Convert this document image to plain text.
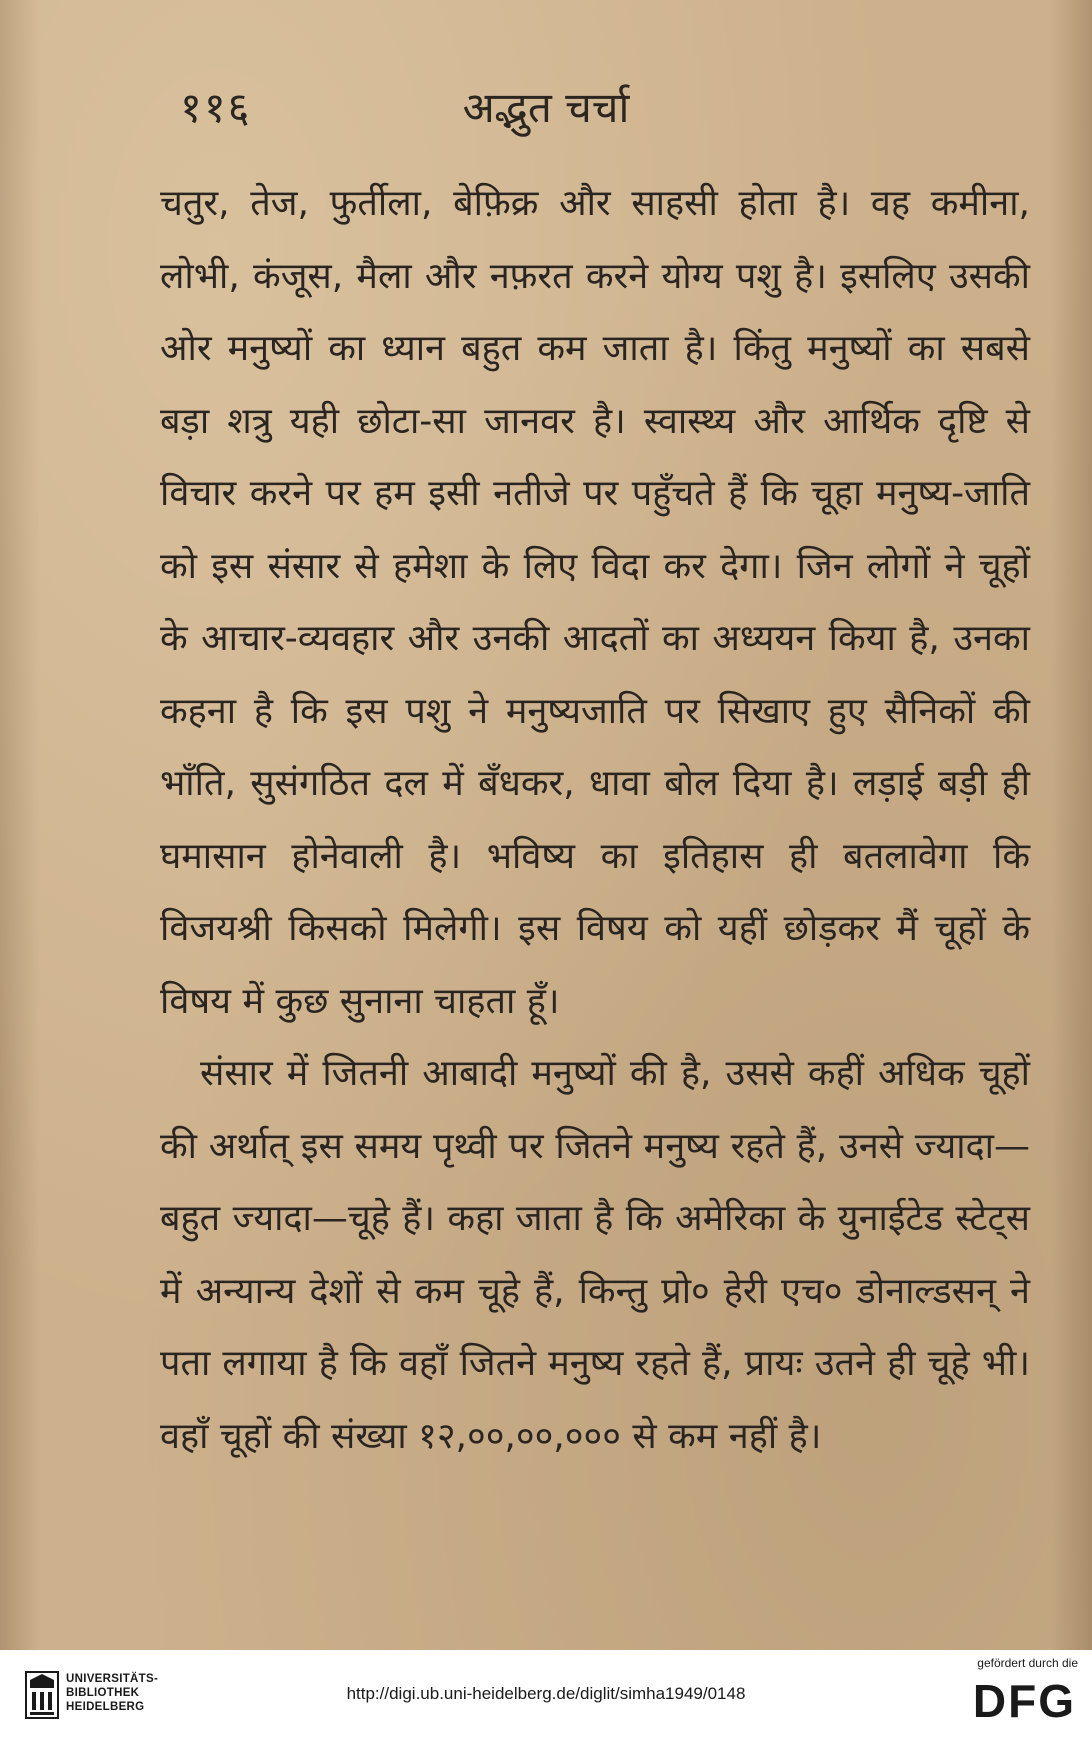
११६	अद्भुत चर्चा

चतुर, तेज, फुर्तीला, बेफ़िक्र और साहसी होता है। वह कमीना, लोभी, कंजूस, मैला और नफ़रत करने योग्य पशु है। इसलिए उसकी ओर मनुष्यों का ध्यान बहुत कम जाता है। किंतु मनुष्यों का सबसे बड़ा शत्रु यही छोटा-सा जानवर है। स्वास्थ्य और आर्थिक दृष्टि से विचार करने पर हम इसी नतीजे पर पहुँचते हैं कि चूहा मनुष्य-जाति को इस संसार से हमेशा के लिए विदा कर देगा। जिन लोगों ने चूहों के आचार-व्यवहार और उनकी आदतों का अध्ययन किया है, उनका कहना है कि इस पशु ने मनुष्यजाति पर सिखाए हुए सैनिकों की भाँति, सुसंगठित दल में बँधकर, धावा बोल दिया है। लड़ाई बड़ी ही घमासान होनेवाली है। भविष्य का इतिहास ही बतलावेगा कि विजयश्री किसको मिलेगी। इस विषय को यहीं छोड़कर मैं चूहों के विषय में कुछ सुनाना चाहता हूँ।

संसार में जितनी आबादी मनुष्यों की है, उससे कहीं अधिक चूहों की अर्थात् इस समय पृथ्वी पर जितने मनुष्य रहते हैं, उनसे ज्यादा—बहुत ज्यादा—चूहे हैं। कहा जाता है कि अमेरिका के युनाईटेड स्टेट्स में अन्यान्य देशों से कम चूहे हैं, किन्तु प्रो० हेरी एच० डोनाल्डसन् ने पता लगाया है कि वहाँ जितने मनुष्य रहते हैं, प्रायः उतने ही चूहे भी। वहाँ चूहों की संख्या १२,००,००,००० से कम नहीं है।

UNIVERSITÄTS-
BIBLIOTHEK
HEIDELBERG
http://digi.ub.uni-heidelberg.de/diglit/simha1949/0148
gefördert durch die
DFG
